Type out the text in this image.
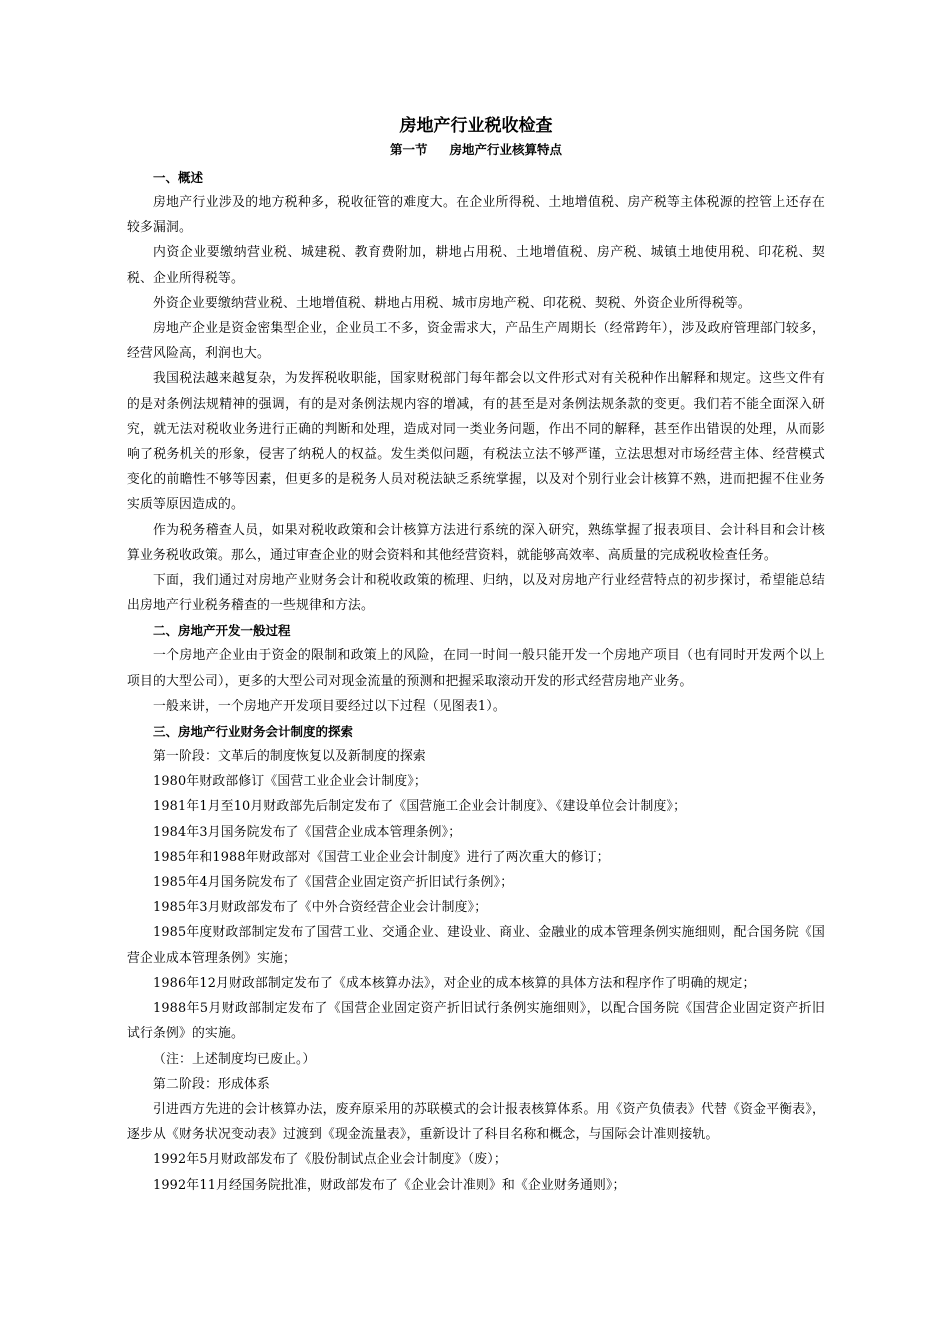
房地产行业税收检查
第一节 房地产行业核算特点
一、概述

房地产行业涉及的地方税种多，税收征管的难度大。在企业所得税、土地增值税、房产税等主体税源的控管上还存在较多漏洞。

内资企业要缴纳营业税、城建税、教育费附加，耕地占用税、土地增值税、房产税、城镇土地使用税、印花税、契税、企业所得税等。

外资企业要缴纳营业税、土地增值税、耕地占用税、城市房地产税、印花税、契税、外资企业所得税等。

房地产企业是资金密集型企业，企业员工不多，资金需求大，产品生产周期长（经常跨年），涉及政府管理部门较多，经营风险高，利润也大。

我国税法越来越复杂，为发挥税收职能，国家财税部门每年都会以文件形式对有关税种作出解释和规定。这些文件有的是对条例法规精神的强调，有的是对条例法规内容的增减，有的甚至是对条例法规条款的变更。我们若不能全面深入研究，就无法对税收业务进行正确的判断和处理，造成对同一类业务问题，作出不同的解释，甚至作出错误的处理，从而影响了税务机关的形象，侵害了纳税人的权益。发生类似问题，有税法立法不够严谨，立法思想对市场经营主体、经营模式变化的前瞻性不够等因素，但更多的是税务人员对税法缺乏系统掌握，以及对个别行业会计核算不熟，进而把握不住业务实质等原因造成的。

作为税务稽查人员，如果对税收政策和会计核算方法进行系统的深入研究，熟练掌握了报表项目、会计科目和会计核算业务税收政策。那么，通过审查企业的财会资料和其他经营资料，就能够高效率、高质量的完成税收检查任务。

下面，我们通过对房地产业财务会计和税收政策的梳理、归纳，以及对房地产行业经营特点的初步探讨，希望能总结出房地产行业税务稽查的一些规律和方法。

二、房地产开发一般过程

一个房地产企业由于资金的限制和政策上的风险，在同一时间一般只能开发一个房地产项目（也有同时开发两个以上项目的大型公司），更多的大型公司对现金流量的预测和把握采取滚动开发的形式经营房地产业务。

一般来讲，一个房地产开发项目要经过以下过程（见图表1）。

三、房地产行业财务会计制度的探索

第一阶段：文革后的制度恢复以及新制度的探索

1980年财政部修订《国营工业企业会计制度》；

1981年1月至10月财政部先后制定发布了《国营施工企业会计制度》、《建设单位会计制度》；

1984年3月国务院发布了《国营企业成本管理条例》；

1985年和1988年财政部对《国营工业企业会计制度》进行了两次重大的修订；

1985年4月国务院发布了《国营企业固定资产折旧试行条例》；

1985年3月财政部发布了《中外合资经营企业会计制度》；

1985年度财政部制定发布了国营工业、交通企业、建设业、商业、金融业的成本管理条例实施细则，配合国务院《国营企业成本管理条例》实施；

1986年12月财政部制定发布了《成本核算办法》，对企业的成本核算的具体方法和程序作了明确的规定；

1988年5月财政部制定发布了《国营企业固定资产折旧试行条例实施细则》，以配合国务院《国营企业固定资产折旧试行条例》的实施。

（注：上述制度均已废止。）

第二阶段：形成体系

引进西方先进的会计核算办法，废弃原采用的苏联模式的会计报表核算体系。用《资产负债表》代替《资金平衡表》，逐步从《财务状况变动表》过渡到《现金流量表》，重新设计了科目名称和概念，与国际会计准则接轨。

1992年5月财政部发布了《股份制试点企业会计制度》（废）；

1992年11月经国务院批准，财政部发布了《企业会计准则》和《企业财务通则》；
